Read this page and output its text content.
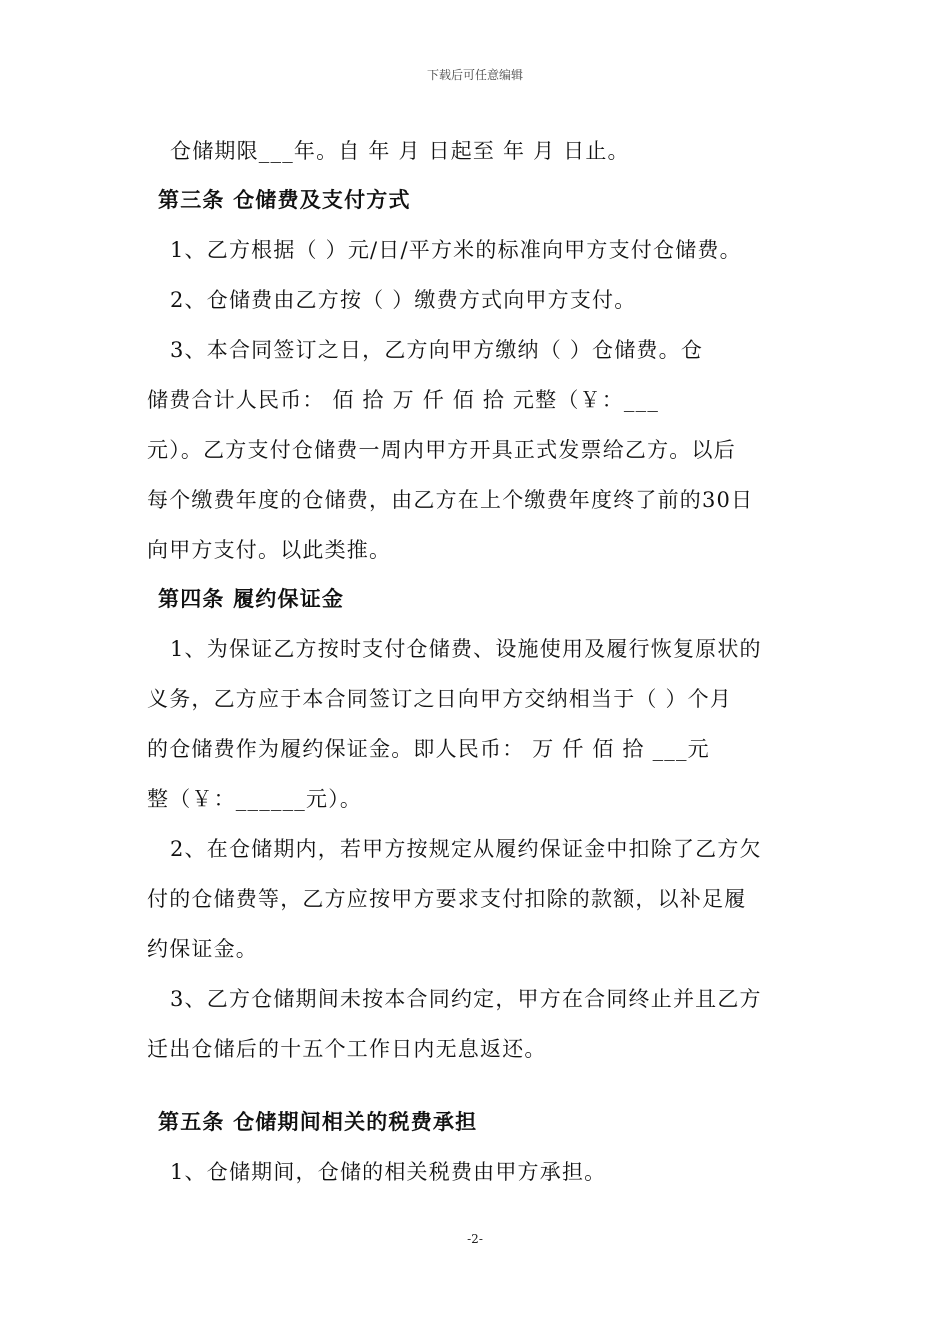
下载后可任意编辑
仓储期限___年。自 年 月 日起至 年 月 日止。
第三条 仓储费及支付方式
1、乙方根据（ ）元/日/平方米的标准向甲方支付仓储费。
2、仓储费由乙方按（ ）缴费方式向甲方支付。
3、本合同签订之日，乙方向甲方缴纳（ ）仓储费。仓
储费合计人民币： 佰 拾 万 仟 佰 拾 元整（￥：___
元）。乙方支付仓储费一周内甲方开具正式发票给乙方。以后
每个缴费年度的仓储费，由乙方在上个缴费年度终了前的30日
向甲方支付。以此类推。
第四条 履约保证金
1、为保证乙方按时支付仓储费、设施使用及履行恢复原状的
义务，乙方应于本合同签订之日向甲方交纳相当于（ ）个月
的仓储费作为履约保证金。即人民币： 万 仟 佰 拾 ___元
整（￥：______元）。
2、在仓储期内，若甲方按规定从履约保证金中扣除了乙方欠
付的仓储费等，乙方应按甲方要求支付扣除的款额，以补足履
约保证金。
3、乙方仓储期间未按本合同约定，甲方在合同终止并且乙方
迁出仓储后的十五个工作日内无息返还。
第五条 仓储期间相关的税费承担
1、仓储期间，仓储的相关税费由甲方承担。
-2-
